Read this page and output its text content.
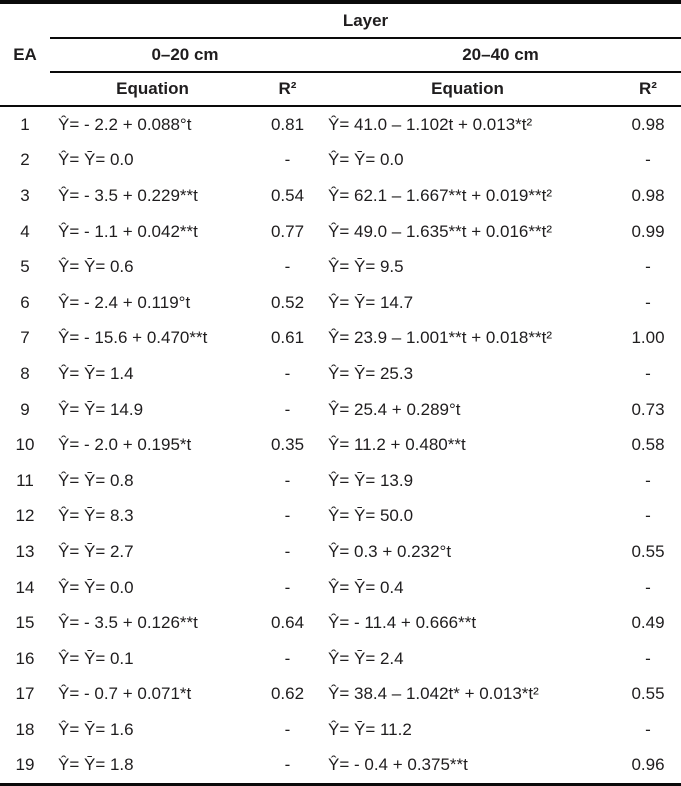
EA	Layer			
	0–20 cm		20–40 cm	
	Equation	R²	Equation	R²
1	Ŷ= - 2.2 + 0.088°t	0.81	Ŷ= 41.0 – 1.102t + 0.013*t²	0.98
2	Ŷ= Ȳ= 0.0	-	Ŷ= Ȳ= 0.0	-
3	Ŷ= - 3.5 + 0.229**t	0.54	Ŷ= 62.1 – 1.667**t + 0.019**t²	0.98
4	Ŷ= - 1.1 + 0.042**t	0.77	Ŷ= 49.0 – 1.635**t + 0.016**t²	0.99
5	Ŷ= Ȳ= 0.6	-	Ŷ= Ȳ= 9.5	-
6	Ŷ= - 2.4 + 0.119°t	0.52	Ŷ= Ȳ= 14.7	-
7	Ŷ= - 15.6 + 0.470**t	0.61	Ŷ= 23.9 – 1.001**t + 0.018**t²	1.00
8	Ŷ= Ȳ= 1.4	-	Ŷ= Ȳ= 25.3	-
9	Ŷ= Ȳ= 14.9	-	Ŷ= 25.4 + 0.289°t	0.73
10	Ŷ= - 2.0 + 0.195*t	0.35	Ŷ= 11.2 + 0.480**t	0.58
11	Ŷ= Ȳ= 0.8	-	Ŷ= Ȳ= 13.9	-
12	Ŷ= Ȳ= 8.3	-	Ŷ= Ȳ= 50.0	-
13	Ŷ= Ȳ= 2.7	-	Ŷ= 0.3 + 0.232°t	0.55
14	Ŷ= Ȳ= 0.0	-	Ŷ= Ȳ= 0.4	-
15	Ŷ= - 3.5 + 0.126**t	0.64	Ŷ= - 11.4 + 0.666**t	0.49
16	Ŷ= Ȳ= 0.1	-	Ŷ= Ȳ= 2.4	-
17	Ŷ= - 0.7 + 0.071*t	0.62	Ŷ= 38.4 – 1.042t* + 0.013*t²	0.55
18	Ŷ= Ȳ= 1.6	-	Ŷ= Ȳ= 11.2	-
19	Ŷ= Ȳ= 1.8	-	Ŷ= - 0.4 + 0.375**t	0.96
